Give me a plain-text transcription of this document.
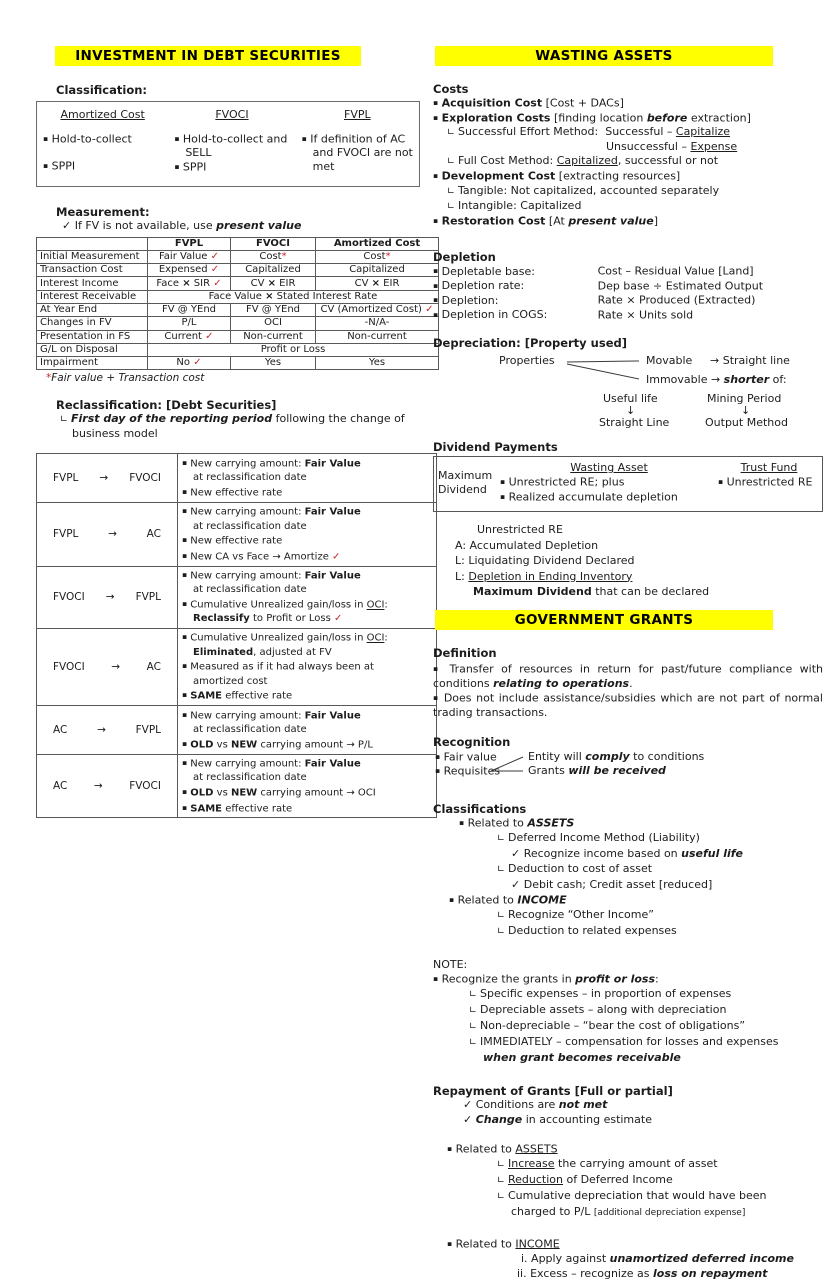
INVESTMENT IN DEBT SECURITIES
Classification:
Amortized Cost
▪ Hold-to-collect
▪ SPPI
FVOCI
▪ Hold-to-collect and SELL
▪ SPPI
FVPL
▪ If definition of AC and FVOCI are not met
Measurement:
✓ If FV is not available, use present value
	FVPL	FVOCI	Amortized Cost
Initial Measurement	Fair Value ✓	Cost*	Cost*
Transaction Cost	Expensed ✓	Capitalized	Capitalized
Interest Income	Face × SIR ✓	CV × EIR	CV × EIR
Interest Receivable	Face Value × Stated Interest Rate		
At Year End	FV @ YEnd	FV @ YEnd	CV (Amortized Cost) ✓
Changes in FV	P/L	OCI	-N/A-
Presentation in FS	Current ✓	Non-current	Non-current
G/L on Disposal	Profit or Loss		
Impairment	No ✓	Yes	Yes
*Fair value + Transaction cost
Reclassification: [Debt Securities]
∟ First day of the reporting period following the change of
business model
FVPL → FVOCI

▪ New carrying amount: Fair Value
at reclassification date
▪ New effective rate

FVPL	→	AC

▪ New carrying amount: Fair Value
at reclassification date
▪ New effective rate
▪ New CA vs Face → Amortize ✓

FVOCI → FVPL

▪ New carrying amount: Fair Value
at reclassification date
▪ Cumulative Unrealized gain/loss in OCI:
Reclassify to Profit or Loss ✓

FVOCI	→	AC

▪ Cumulative Unrealized gain/loss in OCI:
Eliminated, adjusted at FV
▪ Measured as if it had always been at
amortized cost
▪ SAME effective rate

AC	→	FVPL

▪ New carrying amount: Fair Value
at reclassification date
▪ OLD vs NEW carrying amount → P/L

AC	→	FVOCI

▪ New carrying amount: Fair Value
at reclassification date
▪ OLD vs NEW carrying amount → OCI
▪ SAME effective rate
WASTING ASSETS
Costs
▪ Acquisition Cost [Cost + DACs]
▪ Exploration Costs [finding location before extraction]
∟ Successful Effort Method:  Successful – Capitalize
Unsuccessful – Expense
∟ Full Cost Method: Capitalized, successful or not
▪ Development Cost [extracting resources]
∟ Tangible: Not capitalized, accounted separately
∟ Intangible: Capitalized
▪ Restoration Cost [At present value]
Depletion
▪ Depletable base:	Cost – Residual Value [Land]
▪ Depletion rate:	Dep base ÷ Estimated Output
▪ Depletion:	Rate × Produced (Extracted)
▪ Depletion in COGS:	Rate × Units sold
Depreciation: [Property used]
Properties	Movable → Straight line
Immovable → shorter of:
Useful life	Mining Period
↓	↓
Straight Line	Output Method
Dividend Payments
Maximum Dividend
Wasting Asset
▪ Unrestricted RE; plus
▪ Realized accumulate depletion
Trust Fund
▪ Unrestricted RE
Unrestricted RE
A: Accumulated Depletion
L: Liquidating Dividend Declared
L: Depletion in Ending Inventory
Maximum Dividend that can be declared
GOVERNMENT GRANTS
Definition
▪ Transfer of resources in return for past/future compliance with conditions relating to operations.
▪ Does not include assistance/subsidies which are not part of normal trading transactions.
Recognition
▪ Fair value
▪ Requisites
Entity will comply to conditions
Grants will be received
Classifications
▪ Related to ASSETS
∟ Deferred Income Method (Liability)
✓ Recognize income based on useful life
∟ Deduction to cost of asset
✓ Debit cash; Credit asset [reduced]
▪ Related to INCOME
∟ Recognize “Other Income”
∟ Deduction to related expenses
NOTE:
▪ Recognize the grants in profit or loss:
∟ Specific expenses – in proportion of expenses
∟ Depreciable assets – along with depreciation
∟ Non-depreciable – “bear the cost of obligations”
∟ IMMEDIATELY – compensation for losses and expenses
when grant becomes receivable
Repayment of Grants [Full or partial]
✓ Conditions are not met
✓ Change in accounting estimate
▪ Related to ASSETS
∟ Increase the carrying amount of asset
∟ Reduction of Deferred Income
∟ Cumulative depreciation that would have been
charged to P/L [additional depreciation expense]
▪ Related to INCOME
i. Apply against unamortized deferred income
ii. Excess – recognize as loss on repayment
